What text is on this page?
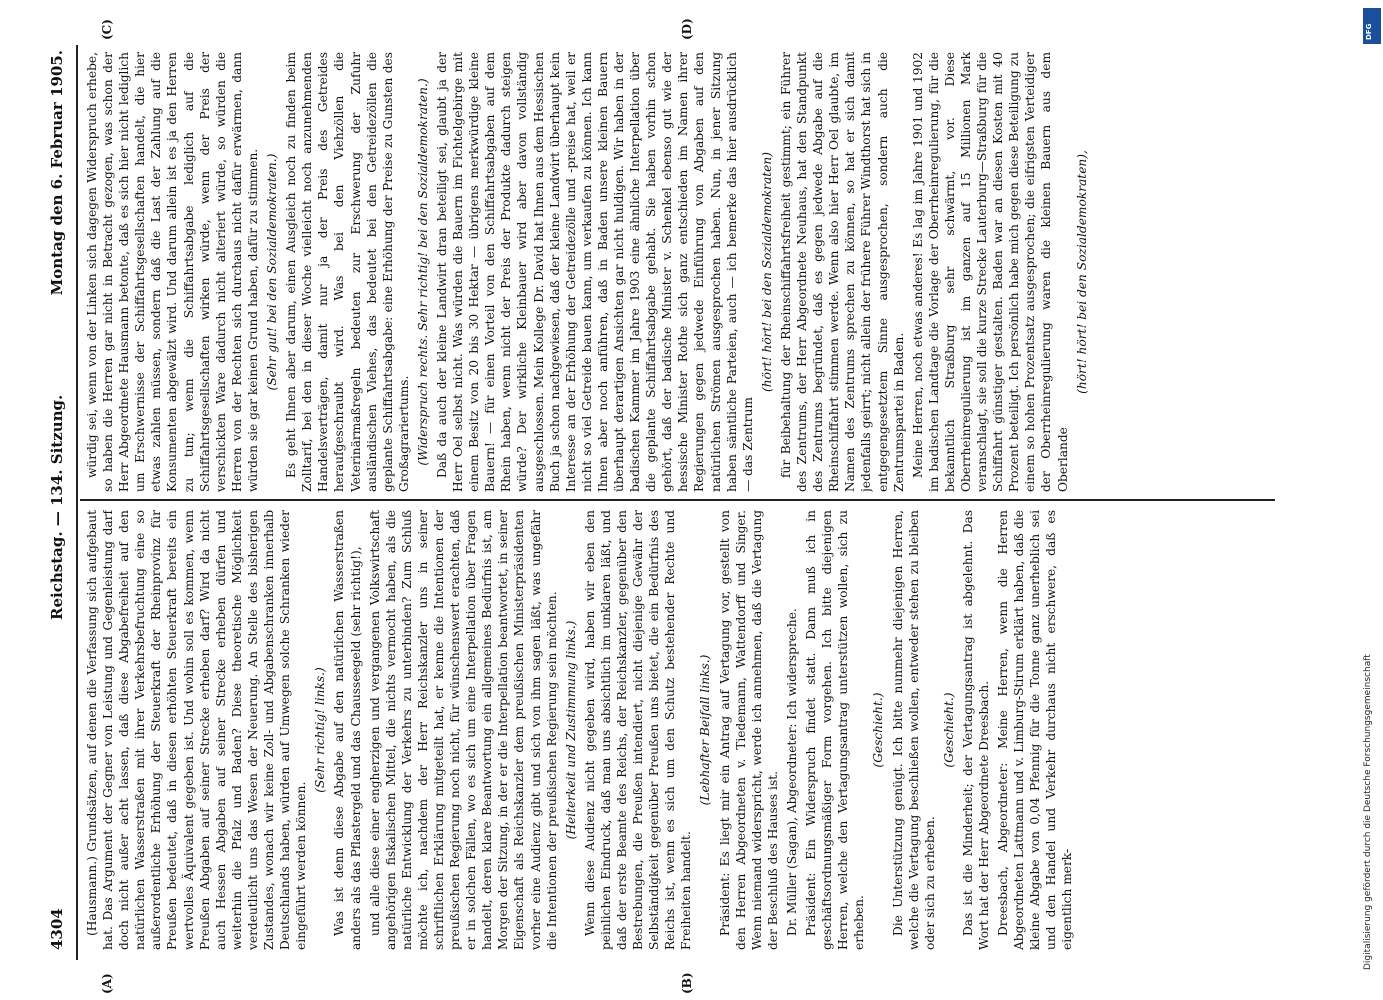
4304
Reichstag. — 134. Sitzung.
Montag den 6. Februar 1905.
(A)	(B)
(C)	(D)

(Hausmann.) Grundsätzen, auf denen die Verfassung sich aufgebaut hat. Das Argument der Gegner von Leistung und Gegenleistung darf doch nicht außer acht lassen, daß diese Abgabefreiheit auf den natürlichen Wasserstraßen mit ihrer Verkehrsbefruchtung eine so außerordentliche Erhöhung der Steuerkraft der Rheinprovinz für Preußen bedeutet, daß in diesen erhöhten Steuerkraft bereits ein wertvolles Äquivalent gegeben ist. Und wohin soll es kommen, wenn Preußen Abgaben auf seiner Strecke erheben darf? Wird da nicht auch Hessen Abgaben auf seiner Strecke erheben dürfen und weiterhin die Pfalz und Baden? Diese theoretische Möglichkeit verdeutlicht uns das Wesen der Neuerung. An Stelle des bisherigen Zustandes, wonach wir keine Zoll- und Abgabenschranken innerhalb Deutschlands haben, würden auf Umwegen solche Schranken wieder eingeführt werden können.

(Sehr richtig! links.) Was ist denn diese Abgabe auf den natürlichen Wasserstraßen anders als das Pflastergeld und das Chausseegeld (sehr richtig!), und alle diese einer engherzigen und vergangenen Volkswirtschaft angehörigen fiskalischen Mittel, die nichts vermocht haben, als die natürliche Entwicklung der Verkehrs zu unterbinden? Zum Schluß möchte ich, nachdem der Herr Reichskanzler uns in seiner schriftlichen Erklärung mitgeteilt hat, er kenne die Intentionen der preußischen Regierung noch nicht, für wünschenswert erachten, daß er in solchen Fällen, wo es sich um eine Interpellation über Fragen handelt, deren klare Beantwortung ein allgemeines Bedürfnis ist, am Morgen der Sitzung, in der er die Interpellation beantwortet, in seiner Eigenschaft als Reichskanzler dem preußischen Ministerpräsidenten vorher eine Audienz gibt und sich von ihm sagen läßt, was ungefähr die Intentionen der preußischen Regierung sein möchten. (Heiterkeit und Zustimmung links.) Wenn diese Audienz nicht gegeben wird, haben wir eben den peinlichen Eindruck, daß man uns absichtlich im unklaren läßt, und daß der erste Beamte des Reichs, der Reichskanzler, gegenüber den Bestrebungen, die Preußen intendiert, nicht diejenige Gewähr der Selbständigkeit gegenüber Preußen uns bietet, die ein Bedürfnis des Reichs ist, wenn es sich um den Schutz bestehender Rechte und Freiheiten handelt.

(Lebhafter Beifall links.) Präsident: Es liegt mir ein Antrag auf Vertagung vor, gestellt von den Herren Abgeordneten v. Tiedemann, Wattendorff und Singer. Wenn niemand widerspricht, werde ich annehmen, daß die Vertagung der Beschluß des Hauses ist. Dr. Müller (Sagan), Abgeordneter: Ich widerspreche. Präsident: Ein Widerspruch findet statt. Dann muß ich in geschäftsordnungsmäßiger Form vorgehen. Ich bitte diejenigen Herren, welche den Vertagungsantrag unterstützen wollen, sich zu erheben.

(Geschieht.) Die Unterstützung genügt. Ich bitte nunmehr diejenigen Herren, welche die Vertagung beschließen wollen, entweder stehen zu bleiben oder sich zu erheben.

(Geschieht.) Das ist die Minderheit; der Vertagungsantrag ist abgelehnt. Das Wort hat der Herr Abgeordnete Dreesbach. Dreesbach, Abgeordneter: Meine Herren, wenn die Herren Abgeordneten Lattmann und v. Limburg-Stirum erklärt haben, daß die kleine Abgabe von 0,04 Pfennig für die Tonne ganz unerheblich sei und den Handel und Verkehr durchaus nicht erschwere, daß es eigentlich merk-

würdig sei, wenn von der Linken sich dagegen Widerspruch erhebe, so haben die Herren gar nicht in Betracht gezogen, was schon der Herr Abgeordnete Hausmann betonte, daß es sich hier nicht lediglich um Erschwernisse der Schiffahrtsgesellschaften handelt, die hier etwas zahlen müssen, sondern daß die Last der Zahlung auf die Konsumenten abgewälzt wird. Und darum allein ist es ja den Herren zu tun; wenn die Schiffahrtsabgabe lediglich auf die Schiffahrtsgesellschaften wirken würde, wenn der Preis der verschickten Ware dadurch nicht alteriert würde, so würden die Herren von der Rechten sich durchaus nicht dafür erwärmen, dann würden sie gar keinen Grund haben, dafür zu stimmen. (Sehr gut! bei den Sozialdemokraten.) Es geht Ihnen aber darum, einen Ausgleich noch zu finden beim Zolltarif, bei den in dieser Woche vielleicht noch anzunehmenden Handelsverträgen, damit nur ja der Preis des Getreides heraufgeschraubt wird. Was bei den Viehzöllen die Veterinärmaßregeln bedeuten zur Erschwerung der Zufuhr ausländischen Viehes, das bedeutet bei den Getreidezöllen die geplante Schiffahrtsabgabe: eine Erhöhung der Preise zu Gunsten des Großagrariertums. (Widerspruch rechts. Sehr richtig! bei den Sozialdemokraten.) Daß da auch der kleine Landwirt dran beteiligt sei, glaubt ja der Herr Oel selbst nicht. Was würden die Bauern im Fichtelgebirge mit einem Besitz von 20 bis 30 Hektar — übrigens merkwürdige kleine Bauern! — für einen Vorteil von den Schiffahrtsabgaben auf dem Rhein haben, wenn nicht der Preis der Produkte dadurch steigen würde? Der wirkliche Kleinbauer wird aber davon vollständig ausgeschlossen. Mein Kollege Dr. David hat Ihnen aus dem Hessischen Buch ja schon nachgewiesen, daß der kleine Landwirt überhaupt kein Interesse an der Erhöhung der Getreidezölle und -preise hat, weil er nicht so viel Getreide bauen kann, um verkaufen zu können. Ich kann Ihnen aber noch anführen, daß in Baden unsere kleinen Bauern überhaupt derartigen Ansichten gar nicht huldigen. Wir haben in der badischen Kammer im Jahre 1903 eine ähnliche Interpellation über die geplante Schiffahrtsabgabe gehabt. Sie haben vorhin schon gehört, daß der badische Minister v. Schenkel ebenso gut wie der hessische Minister Rothe sich ganz entschieden im Namen ihrer Regierungen gegen jedwede Einführung von Abgaben auf den natürlichen Strömen ausgesprochen haben. Nun, in jener Sitzung haben sämtliche Parteien, auch — ich bemerke das hier ausdrücklich — das Zentrum

(hört! hört! bei den Sozialdemokraten) für Beibehaltung der Rheinschiffahrtsfreiheit gestimmt; ein Führer des Zentrums, der Herr Abgeordnete Neuhaus, hat den Standpunkt des Zentrums begründet, daß es gegen jedwede Abgabe auf die Rheinschiffahrt stimmen werde. Wenn also hier Herr Oel glaubte, im Namen des Zentrums sprechen zu können, so hat er sich damit jedenfalls geirrt; nicht allein der frühere Führer Windthorst hat sich in entgegengesetztem Sinne ausgesprochen, sondern auch die Zentrumspartei in Baden. Meine Herren, noch etwas anderes! Es lag im Jahre 1901 und 1902 im badischen Landtage die Vorlage der Oberrheinregulierung, für die bekanntlich Straßburg sehr schwärmt, vor. Diese Oberrheinregulierung ist im ganzen auf 15 Millionen Mark veranschlagt, sie soll die kurze Strecke Lauterburg—Straßburg für die Schiffahrt günstiger gestalten. Baden war an diesen Kosten mit 40 Prozent beteiligt. Ich persönlich habe mich gegen diese Beteiligung zu einem so hohen Prozentsatz ausgesprochen; die eifrigsten Verteidiger der Oberrheinregulierung waren die kleinen Bauern aus dem Oberlande

(hört! hört! bei den Sozialdemokraten),

Digitalisierung gefördert durch die Deutsche Forschungsgemeinschaft
DFG
